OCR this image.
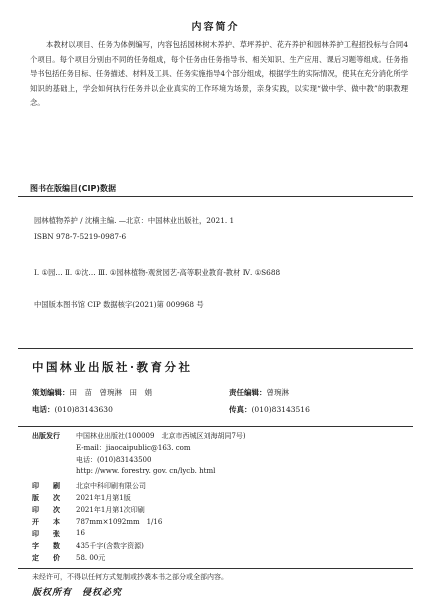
内容简介
本教材以项目、任务为体例编写，内容包括园林树木养护、草坪养护、花卉养护和园林养护工程招投标与合同4个项目。每个项目分别由不同的任务组成，每个任务由任务指导书、相关知识、生产应用、课后习题等组成。任务指导书包括任务目标、任务描述、材料及工具、任务实施指导4个部分组成，根据学生的实际情况，使其在充分消化所学知识的基础上，学会如何执行任务并以企业真实的工作环境为场景，亲身实践，以实现“做中学、做中教”的职教理念。
图书在版编目(CIP)数据
园林植物养护 / 沈楠主编. —北京：中国林业出版社，2021. 1
ISBN 978-7-5219-0987-6
Ⅰ. ①园… Ⅱ. ①沈… Ⅲ. ①园林植物-观赏园艺-高等职业教育-教材 Ⅳ. ①S688
中国版本图书馆 CIP 数据核字(2021)第 009968 号
中国林业出版社·教育分社
策划编辑：田　苗　曾琬淋　田　娟	责任编辑：曾琬淋
电话：(010)83143630	传真：(010)83143516
出版发行 中国林业出版社(100009　北京市西城区刘海胡同7号)
E-mail：jiaocaipublic@163. com
电话：(010)83143500
http: //www. forestry. gov. cn/lycb. html
印　　刷 北京中科印刷有限公司
版　　次 2021年1月第1版
印　　次 2021年1月第1次印刷
开　　本 787mm×1092mm　1/16
印　　张 16
字　　数 435千字(含数字资源)
定　　价 58. 00元
未经许可，不得以任何方式复制或抄袭本书之部分或全部内容。
版权所有　侵权必究
